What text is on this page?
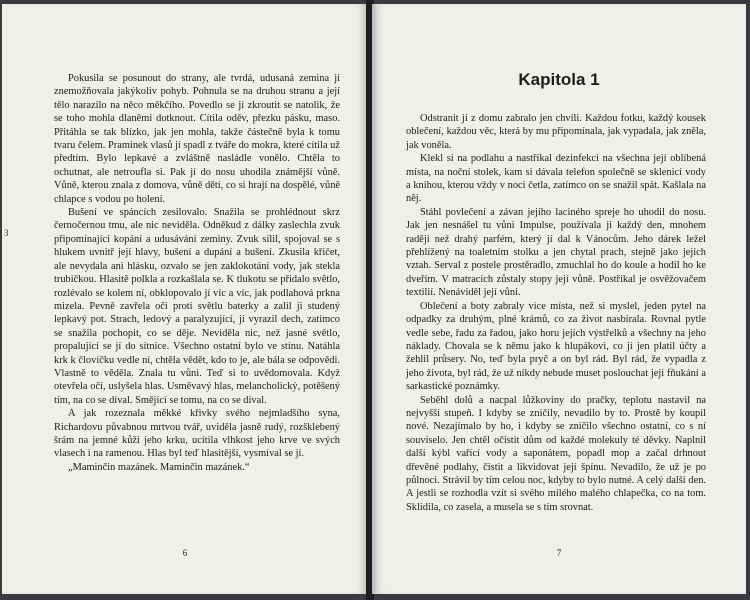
Pokusila se posunout do strany, ale tvrdá, udusaná zemina jí znemožňovala jakýkoliv pohyb. Pohnula se na druhou stranu a její tělo narazilo na něco měkčího. Povedlo se jí zkroutit se natolik, že se toho mohla dlaněmi dotknout. Cítila oděv, přezku pásku, maso. Přitáhla se tak blízko, jak jen mohla, takže částečně byla k tomu tvaru čelem. Praminek vlasů jí spadl z tváře do mokra, které cítila už předtím. Bylo lepkavé a zvláštně nasládle vonělo. Chtěla to ochutnat, ale netroufla si. Pak jí do nosu uhodila známější vůně. Vůně, kterou znala z domova, vůně dětí, co si hrají na dospělé, vůně chlapce s vodou po holení.

Bušení ve spáncích zesilovalo. Snažila se prohlédnout skrz černočernou tmu, ale nic neviděla. Odněkud z dálky zaslechla zvuk připomínající kopání a udusávání zeminy. Zvuk sílil, spojoval se s hlukem uvnitř její hlavy, bušení a dupání a bušení. Zkusila křičet, ale nevydala ani hlásku, ozvalo se jen zaklokotání vody, jak stekla trubičkou. Hlasitě polkla a rozkašlala se. K tlukotu se přidalo světlo, rozlévalo se kolem ní, obklopovalo jí víc a víc, jak podlahová prkna mizela. Pevně zavřela oči proti světlu baterky a zalil ji studený lepkavý pot. Strach, ledový a paralyzující, jí vyrazil dech, zatímco se snažila pochopit, co se děje. Neviděla nic, než jasné světlo, propalující se jí do sítnice. Všechno ostatní bylo ve stínu. Natáhla krk k človíčku vedle ní, chtěla vědět, kdo to je, ale bála se odpovědi. Vlastně to věděla. Znala tu vůni. Teď si to uvědomovala. Když otevřela oči, uslyšela hlas. Usměvavý hlas, melancholický, potěšený tím, na co se díval. Smějící se tomu, na co se díval.

A jak rozeznala měkké křivky svého nejmladšího syna, Richardovu půvabnou mrtvou tvář, uviděla jasně rudý, rozšklebený šrám na jemné kůži jeho krku, ucítila vlhkost jeho krve ve svých vlasech i na ramenou. Hlas byl teď hlasitější, vysmíval se jí.

„Maminčin mazánek. Maminčin mazánek.“

6
3
Kapitola 1

Odstranit ji z domu zabralo jen chvíli. Každou fotku, každý kousek oblečení, každou věc, která by mu připomínala, jak vypadala, jak zněla, jak voněla.

Klekl si na podlahu a nastříkal dezinfekci na všechna její oblíbená místa, na noční stolek, kam si dávala telefon společně se sklenicí vody a knihou, kterou vždy v noci četla, zatímco on se snažil spát. Kašlala na něj.

Stáhl povlečení a závan jejího laciného spreje ho uhodil do nosu. Jak jen nesnášel tu vůni Impulse, používala ji každý den, mnohem raději než drahý parfém, který jí dal k Vánocům. Jeho dárek ležel přehlížený na toaletním stolku a jen chytal prach, stejně jako jejích vztah. Serval z postele prostěradlo, zmuchlal ho do koule a hodil ho ke dveřím. V matracích zůstaly stopy její vůně. Postříkal je osvěžovačem textilií. Nenáviděl její vůni.

Oblečení a boty zabraly více místa, než si myslel, jeden pytel na odpadky za druhým, plné krámů, co za život nasbírala. Rovnal pytle vedle sebe, řadu za řadou, jako horu jejích výstřelků a všechny na jeho náklady. Chovala se k němu jako k hlupákovi, co jí jen platil účty a žehlil průsery. No, teď byla pryč a on byl rád. Byl rád, že vypadla z jeho života, byl rád, že už nikdy nebude muset poslouchat její fňukání a sarkastické poznámky.

Seběhl dolů a nacpal lůžkoviny do pračky, teplotu nastavil na nejvyšší stupeň. I kdyby se zničily, nevadilo by to. Prostě by koupil nové. Nezajímalo by ho, i kdyby se zničilo všechno ostatní, co s ní souviselo. Jen chtěl očistit dům od každé molekuly té děvky. Naplnil další kýbl vařící vody a saponátem, popadl mop a začal drhnout dřevěné podlahy, čistit a likvidovat její špínu. Nevadilo, že už je po půlnoci. Strávil by tím celou noc, kdyby to bylo nutné. A celý další den. A jestli se rozhodla vzít si svého milého malého chlapečka, co na tom. Sklidila, co zasela, a musela se s tím srovnat.

7
